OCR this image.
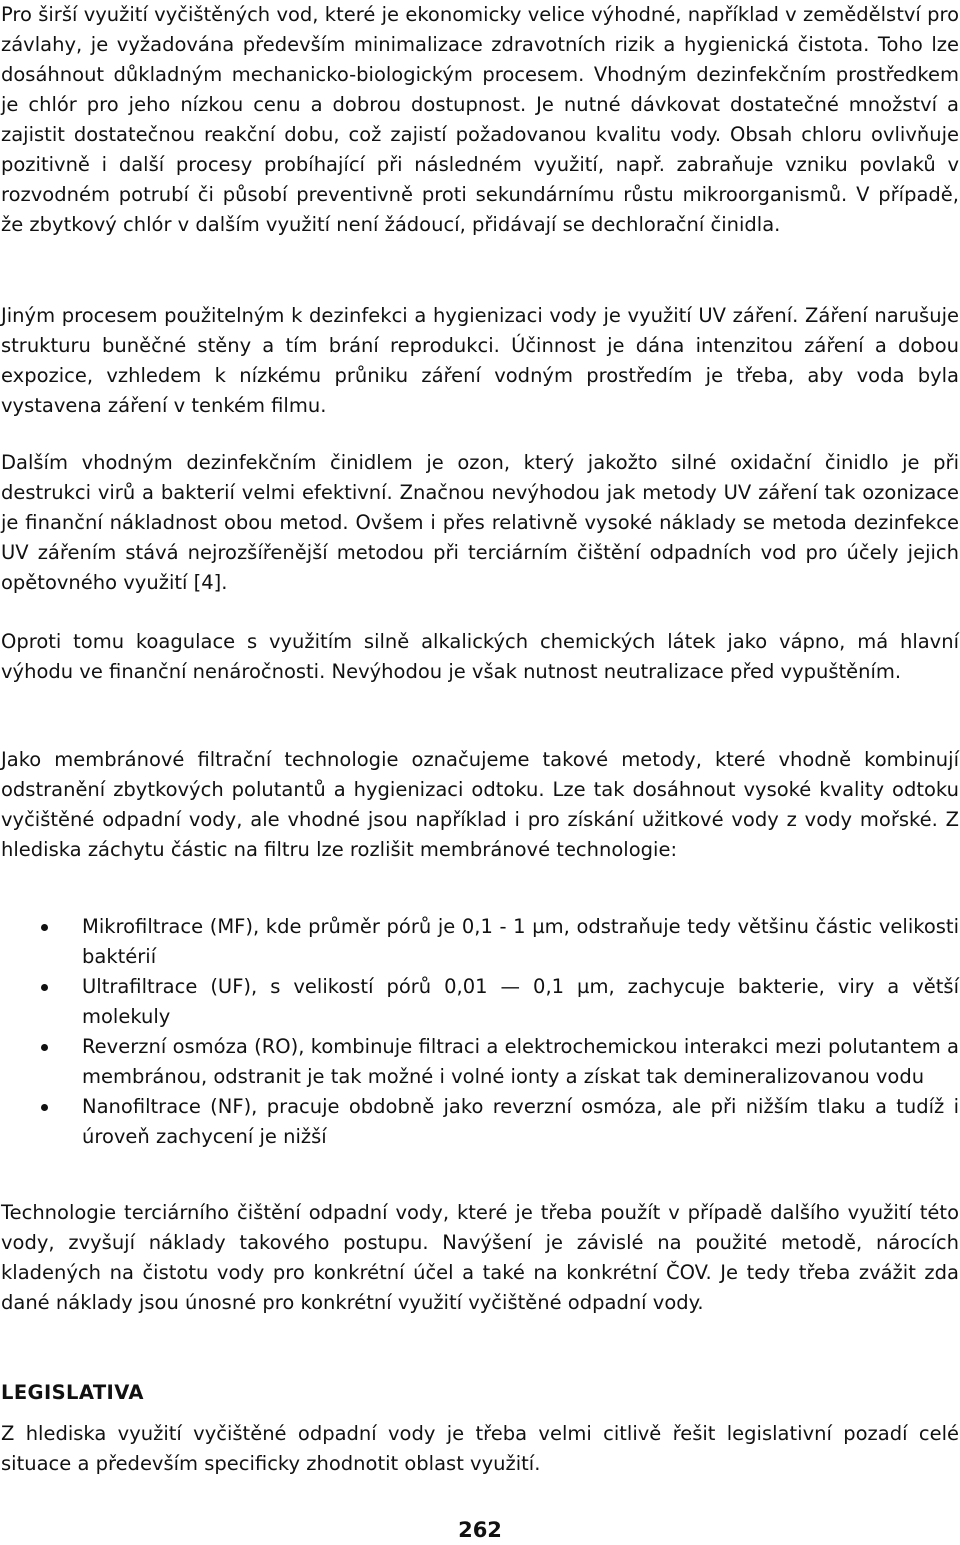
Pro širší využití vyčištěných vod, které je ekonomicky velice výhodné, například v zemědělství pro závlahy, je vyžadována především minimalizace zdravotních rizik a hygienická čistota. Toho lze dosáhnout důkladným mechanicko-biologickým procesem. Vhodným dezinfekčním prostředkem je chlór pro jeho nízkou cenu a dobrou dostupnost. Je nutné dávkovat dostatečné množství a zajistit dostatečnou reakční dobu, což zajistí požadovanou kvalitu vody. Obsah chloru ovlivňuje pozitivně i další procesy probíhající při následném využití, např. zabraňuje vzniku povlaků v rozvodném potrubí či působí preventivně proti sekundárnímu růstu mikroorganismů. V případě, že zbytkový chlór v dalším využití není žádoucí, přidávají se dechlorační činidla.

Jiným procesem použitelným k dezinfekci a hygienizaci vody je využití UV záření. Záření narušuje strukturu buněčné stěny a tím brání reprodukci. Účinnost je dána intenzitou záření a dobou expozice, vzhledem k nízkému průniku záření vodným prostředím je třeba, aby voda byla vystavena záření v tenkém filmu.

Dalším vhodným dezinfekčním činidlem je ozon, který jakožto silné oxidační činidlo je při destrukci virů a bakterií velmi efektivní. Značnou nevýhodou jak metody UV záření tak ozonizace je finanční nákladnost obou metod. Ovšem i přes relativně vysoké náklady se metoda dezinfekce UV zářením stává nejrozšířenější metodou při terciárním čištění odpadních vod pro účely jejich opětovného využití [4].

Oproti tomu koagulace s využitím silně alkalických chemických látek jako vápno, má hlavní výhodu ve finanční nenáročnosti. Nevýhodou je však nutnost neutralizace před vypuštěním.

Jako membránové filtrační technologie označujeme takové metody, které vhodně kombinují odstranění zbytkových polutantů a hygienizaci odtoku. Lze tak dosáhnout vysoké kvality odtoku vyčištěné odpadní vody, ale vhodné jsou například i pro získání užitkové vody z vody mořské. Z hlediska záchytu částic na filtru lze rozlišit membránové technologie:

Mikrofiltrace (MF), kde průměr pórů je 0,1 - 1 µm, odstraňuje tedy většinu částic velikosti baktérií
Ultrafiltrace (UF), s velikostí pórů 0,01 — 0,1 µm, zachycuje bakterie, viry a větší molekuly
Reverzní osmóza (RO), kombinuje filtraci a elektrochemickou interakci mezi polutantem a membránou, odstranit je tak možné i volné ionty a získat tak demineralizovanou vodu
Nanofiltrace (NF), pracuje obdobně jako reverzní osmóza, ale při nižším tlaku a tudíž i úroveň zachycení je nižší

Technologie terciárního čištění odpadní vody, které je třeba použít v případě dalšího využití této vody, zvyšují náklady takového postupu. Navýšení je závislé na použité metodě, nárocích kladených na čistotu vody pro konkrétní účel a také na konkrétní ČOV. Je tedy třeba zvážit zda dané náklady jsou únosné pro konkrétní využití vyčištěné odpadní vody.

LEGISLATIVA

Z hlediska využití vyčištěné odpadní vody je třeba velmi citlivě řešit legislativní pozadí celé situace a především specificky zhodnotit oblast využití.

262
